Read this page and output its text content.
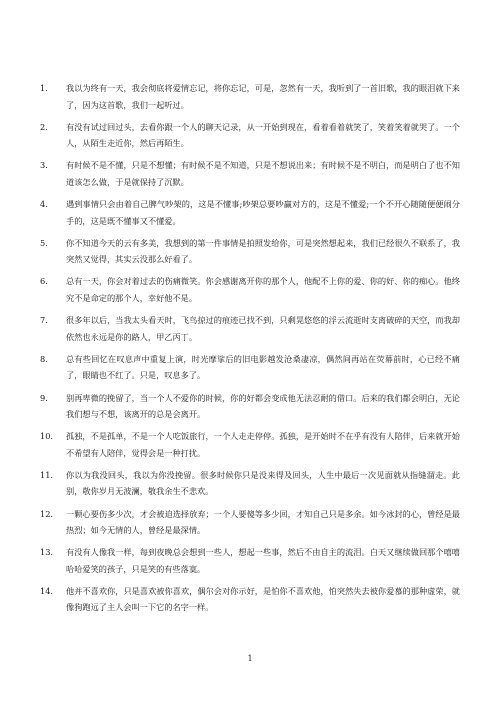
1.	我以为终有一天，我会彻底将爱情忘记，将你忘记，可是，忽然有一天，我听到了一首旧歌，我的眼泪就下来了，因为这首歌，我们一起听过。
2.	有没有试过回过头，去看你跟一个人的聊天记录，从一开始到现在，看着看着就笑了，笑着笑着就哭了。一个人，从陌生走近你，然后再陌生。
3.	有时候不是不懂，只是不想懂；有时候不是不知道，只是不想说出来；有时候不是不明白，而是明白了也不知道该怎么做，于是就保持了沉默。
4.	遇到事情只会由着自己脾气吵架的，这是不懂事;吵架总要吵赢对方的，这是不懂爱;一个不开心随随便便闹分手的，这是既不懂事又不懂爱。
5.	你不知道今天的云有多美，我想到的第一件事情是拍照发给你，可是突然想起来，我们已经很久不联系了，我突然又觉得，其实云没那么好看了。
6.	总有一天，你会对着过去的伤痛微笑。你会感谢离开你的那个人，他配不上你的爱、你的好、你的痴心。他终究不是命定的那个人，幸好他不是。
7.	很多年以后，当我太头看天时，飞鸟掠过的痕迹已找不到，只剩晃悠悠的浮云流逝时支离破碎的天空，而我却依然也永远是你的路人，甲乙丙丁。
8.	总有些回忆在叹息声中重复上演，时光摩挲后的旧电影越发沧桑凄凉，偶然间再站在荧幕前时，心已经不痛了，眼睛也不红了。只是，叹息多了。
9.	别再卑微的挽留了，当一个人不爱你的时候，你的好都会变成他无法忍耐的借口。后来的我们都会明白，无论我们想与不想，该离开的总是会离开。
10.	孤独，不是孤单，不是一个人吃饭旅行，一个人走走停停。孤独，是开始时不在乎有没有人陪伴，后来就开始不希望有人陪伴，觉得会是一种打扰。
11.	你以为我没回头，我以为你没挽留。很多时候你只是没来得及回头，人生中最后一次见面就从指缝溜走。此别，敬你岁月无波澜，敬我余生不悲欢。
12.	一颗心要伤多少次，才会被迫选择放弃；一个人要傻等多少回，才知自己只是多余。如今冰封的心，曾经是最热烈；如今无情的人，曾经是最深情。
13.	有没有人像我一样，每到夜晚总会想到一些人，想起一些事，然后不由自主的流泪。白天又继续做回那个嘻嘻哈哈爱笑的孩子，只是笑的有些落寞。
14.	他并不喜欢你，只是喜欢被你喜欢，偶尔会对你示好，是怕你不喜欢他，怕突然失去被你爱慕的那种虚荣，就像狗跑远了主人会叫一下它的名字一样。
1
